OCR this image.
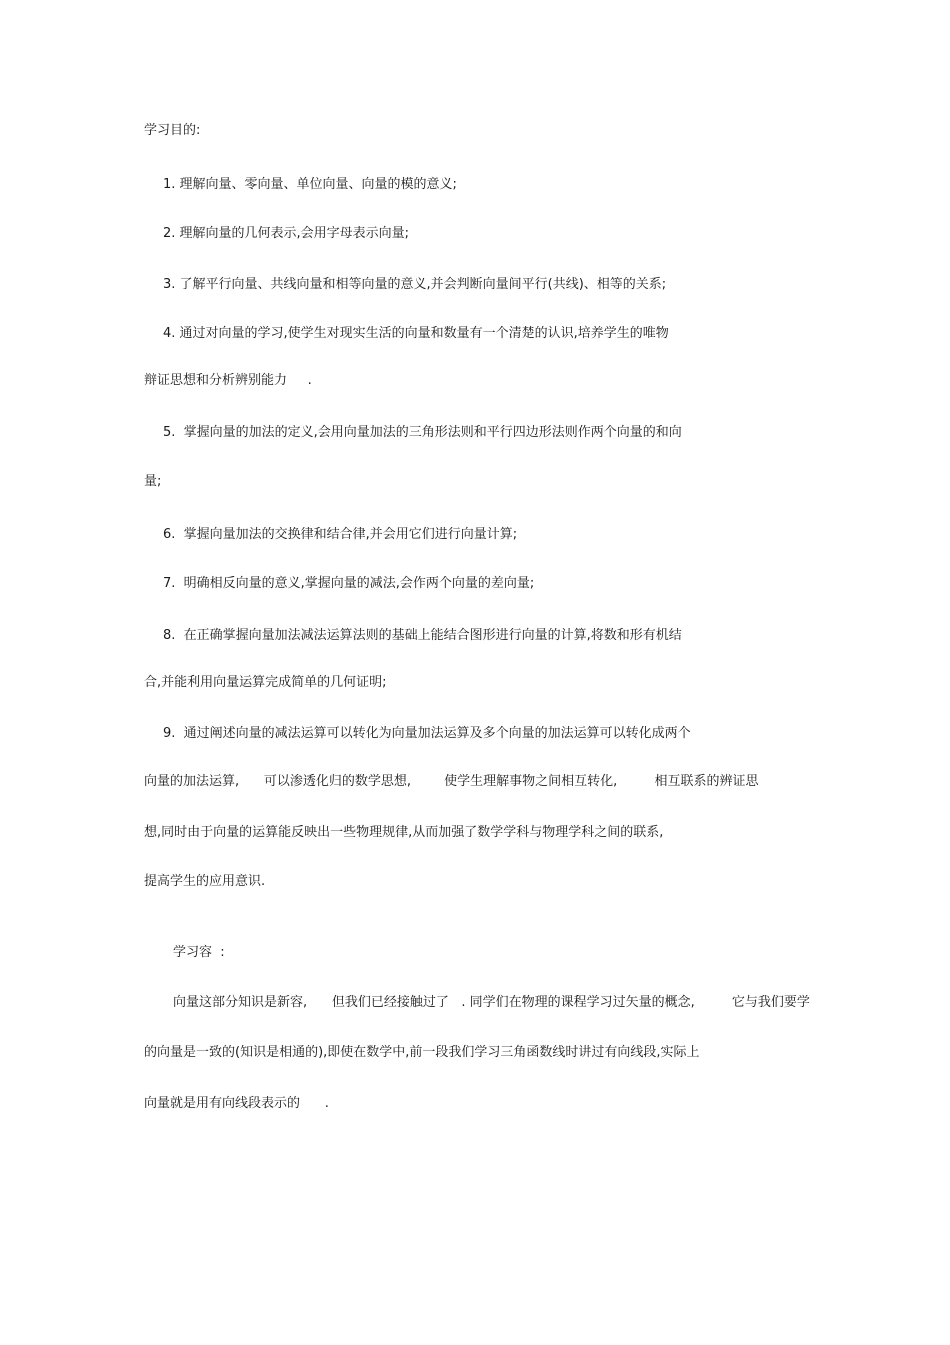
学习目的:
1. 理解向量、零向量、单位向量、向量的模的意义;
2. 理解向量的几何表示,会用字母表示向量;
3. 了解平行向量、共线向量和相等向量的意义,并会判断向量间平行(共线)、相等的关系;
4. 通过对向量的学习,使学生对现实生活的向量和数量有一个清楚的认识,培养学生的唯物
辩证思想和分析辨别能力     .
5.  掌握向量的加法的定义,会用向量加法的三角形法则和平行四边形法则作两个向量的和向
量;
6.  掌握向量加法的交换律和结合律,并会用它们进行向量计算;
7.  明确相反向量的意义,掌握向量的减法,会作两个向量的差向量;
8.  在正确掌握向量加法减法运算法则的基础上能结合图形进行向量的计算,将数和形有机结
合,并能利用向量运算完成简单的几何证明;
9.  通过阐述向量的减法运算可以转化为向量加法运算及多个向量的加法运算可以转化成两个
向量的加法运算,      可以渗透化归的数学思想,        使学生理解事物之间相互转化,         相互联系的辨证思
想,同时由于向量的运算能反映出一些物理规律,从而加强了数学学科与物理学科之间的联系,
提高学生的应用意识.
学习容  :
向量这部分知识是新容,      但我们已经接触过了   . 同学们在物理的课程学习过矢量的概念,         它与我们要学
的向量是一致的(知识是相通的),即使在数学中,前一段我们学习三角函数线时讲过有向线段,实际上
向量就是用有向线段表示的      .
